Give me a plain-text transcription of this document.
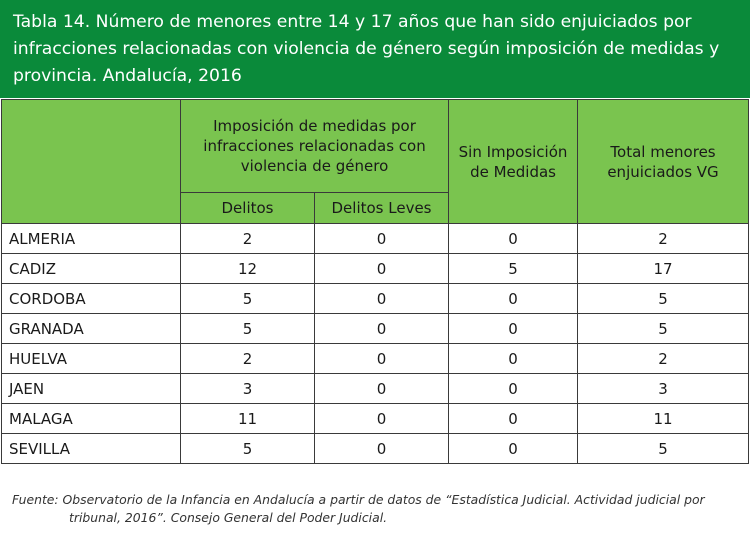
Tabla 14. Número de menores entre 14 y 17 años que han sido enjuiciados por infracciones relacionadas con violencia de género según imposición de medidas y provincia. Andalucía, 2016
	Imposición de medidas por infracciones relacionadas con violencia de género		Sin Imposición de Medidas	Total menores enjuiciados VG
	Delitos	Delitos Leves		
ALMERIA	2	0	0	2
CADIZ	12	0	5	17
CORDOBA	5	0	0	5
GRANADA	5	0	0	5
HUELVA	2	0	0	2
JAEN	3	0	0	3
MALAGA	11	0	0	11
SEVILLA	5	0	0	5
Fuente: Observatorio de la Infancia en Andalucía a partir de datos de “Estadística Judicial. Actividad judicial por tribunal, 2016”. Consejo General del Poder Judicial.
